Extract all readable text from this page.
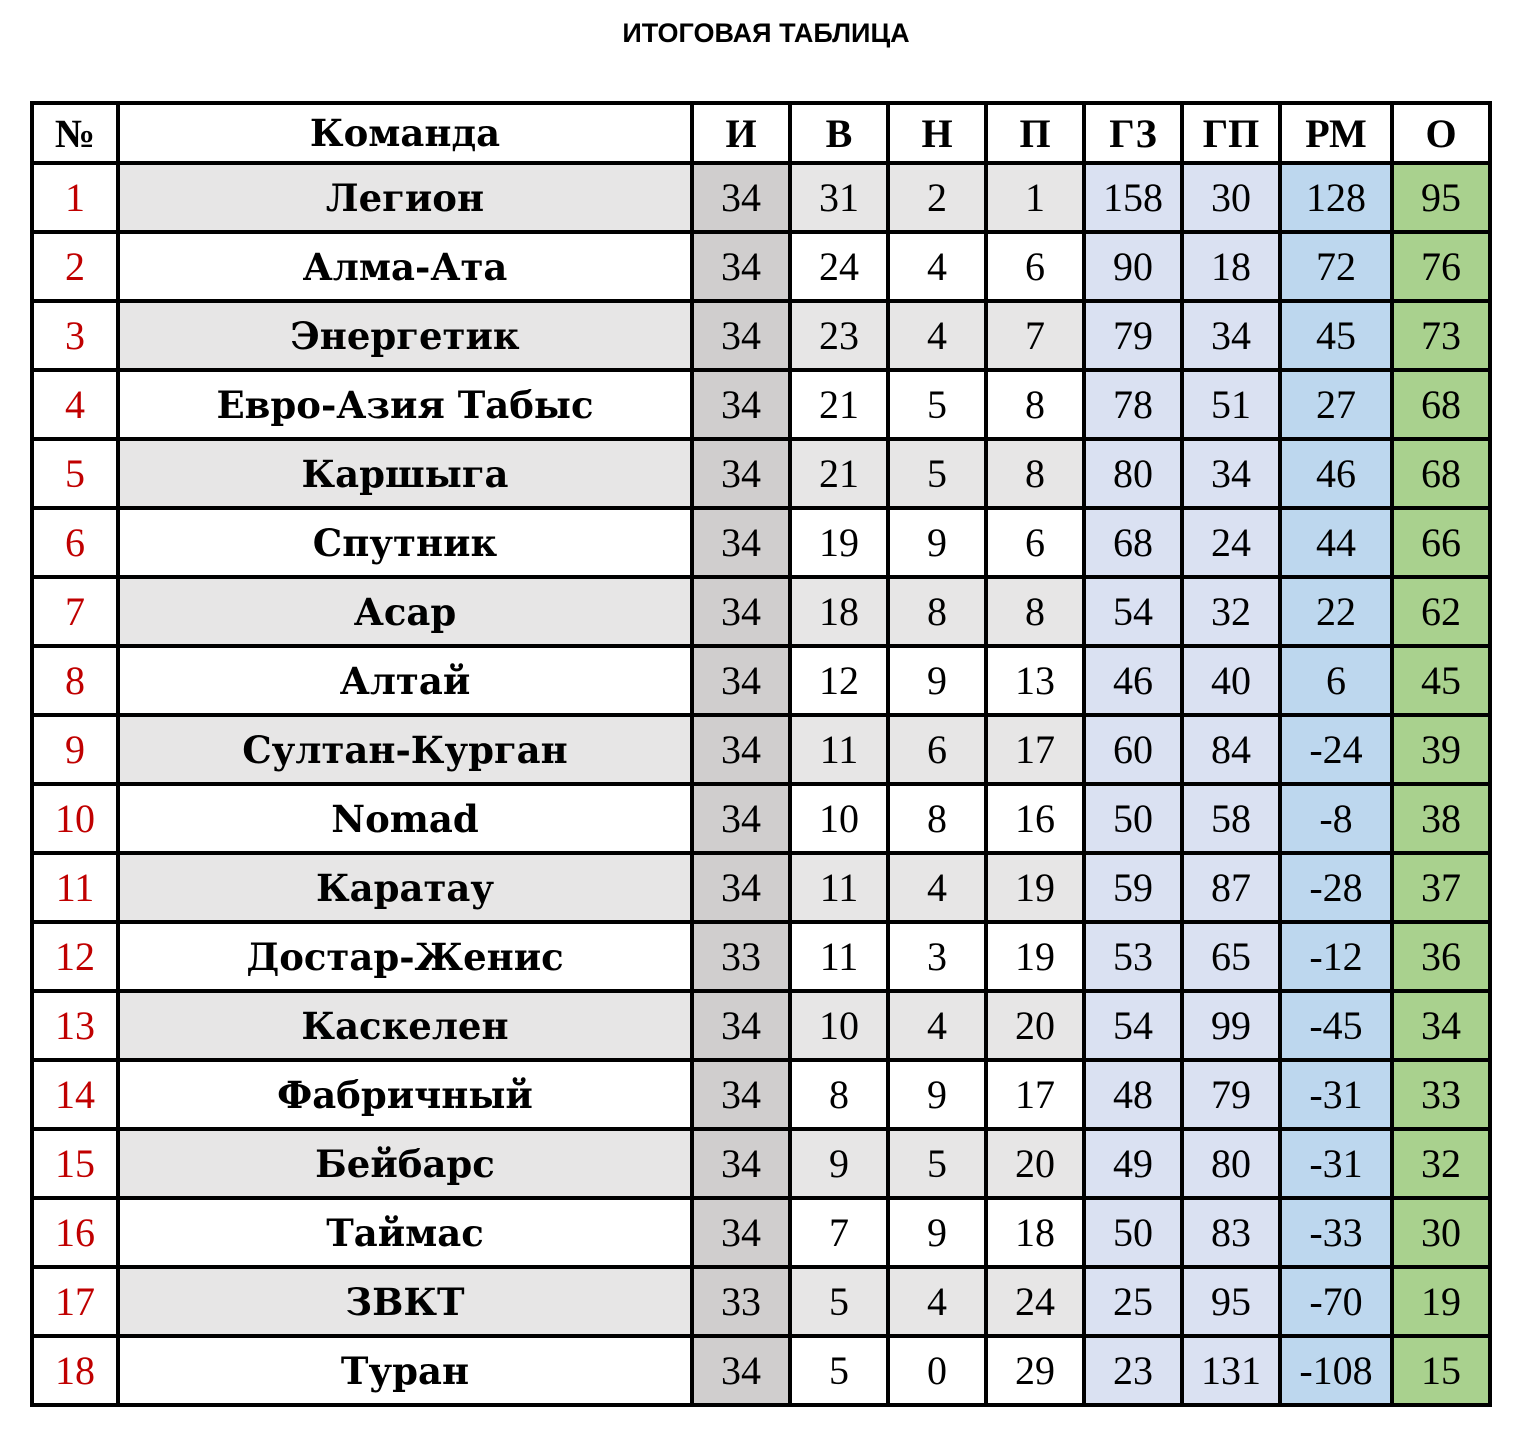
ИТОГОВАЯ ТАБЛИЦА
№	Команда	И	В	Н	П	ГЗ	ГП	РМ	О
1	Легион	34	31	2	1	158	30	128	95
2	Алма-Ата	34	24	4	6	90	18	72	76
3	Энергетик	34	23	4	7	79	34	45	73
4	Евро-Азия Табыс	34	21	5	8	78	51	27	68
5	Каршыга	34	21	5	8	80	34	46	68
6	Спутник	34	19	9	6	68	24	44	66
7	Асар	34	18	8	8	54	32	22	62
8	Алтай	34	12	9	13	46	40	6	45
9	Султан-Курган	34	11	6	17	60	84	-24	39
10	Nomad	34	10	8	16	50	58	-8	38
11	Каратау	34	11	4	19	59	87	-28	37
12	Достар-Женис	33	11	3	19	53	65	-12	36
13	Каскелен	34	10	4	20	54	99	-45	34
14	Фабричный	34	8	9	17	48	79	-31	33
15	Бейбарс	34	9	5	20	49	80	-31	32
16	Таймас	34	7	9	18	50	83	-33	30
17	ЗВКТ	33	5	4	24	25	95	-70	19
18	Туран	34	5	0	29	23	131	-108	15
